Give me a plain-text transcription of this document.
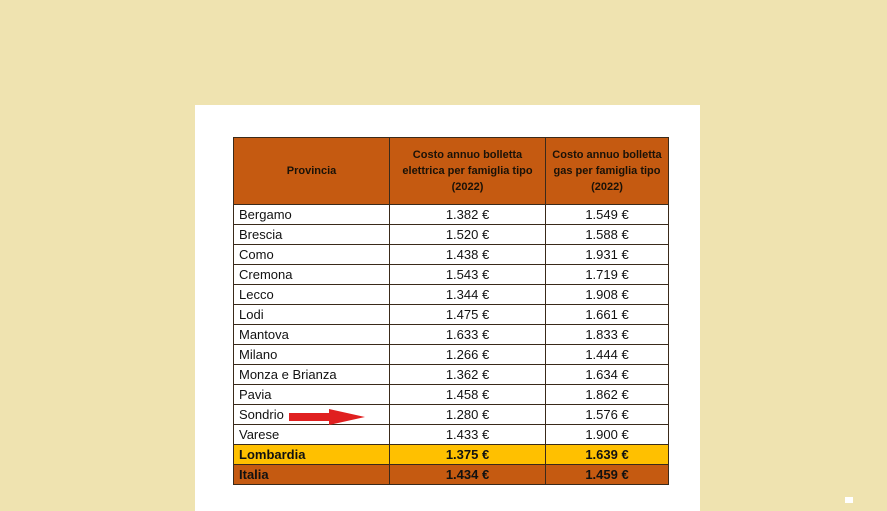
Provincia	Costo annuo bolletta elettrica per famiglia tipo (2022)	Costo annuo bolletta gas per famiglia tipo (2022)
Bergamo	1.382 €	1.549 €
Brescia	1.520 €	1.588 €
Como	1.438 €	1.931 €
Cremona	1.543 €	1.719 €
Lecco	1.344 €	1.908 €
Lodi	1.475 €	1.661 €
Mantova	1.633 €	1.833 €
Milano	1.266 €	1.444 €
Monza e Brianza	1.362 €	1.634 €
Pavia	1.458 €	1.862 €
Sondrio	1.280 €	1.576 €
Varese	1.433 €	1.900 €
Lombardia	1.375 €	1.639 €
Italia	1.434 €	1.459 €
